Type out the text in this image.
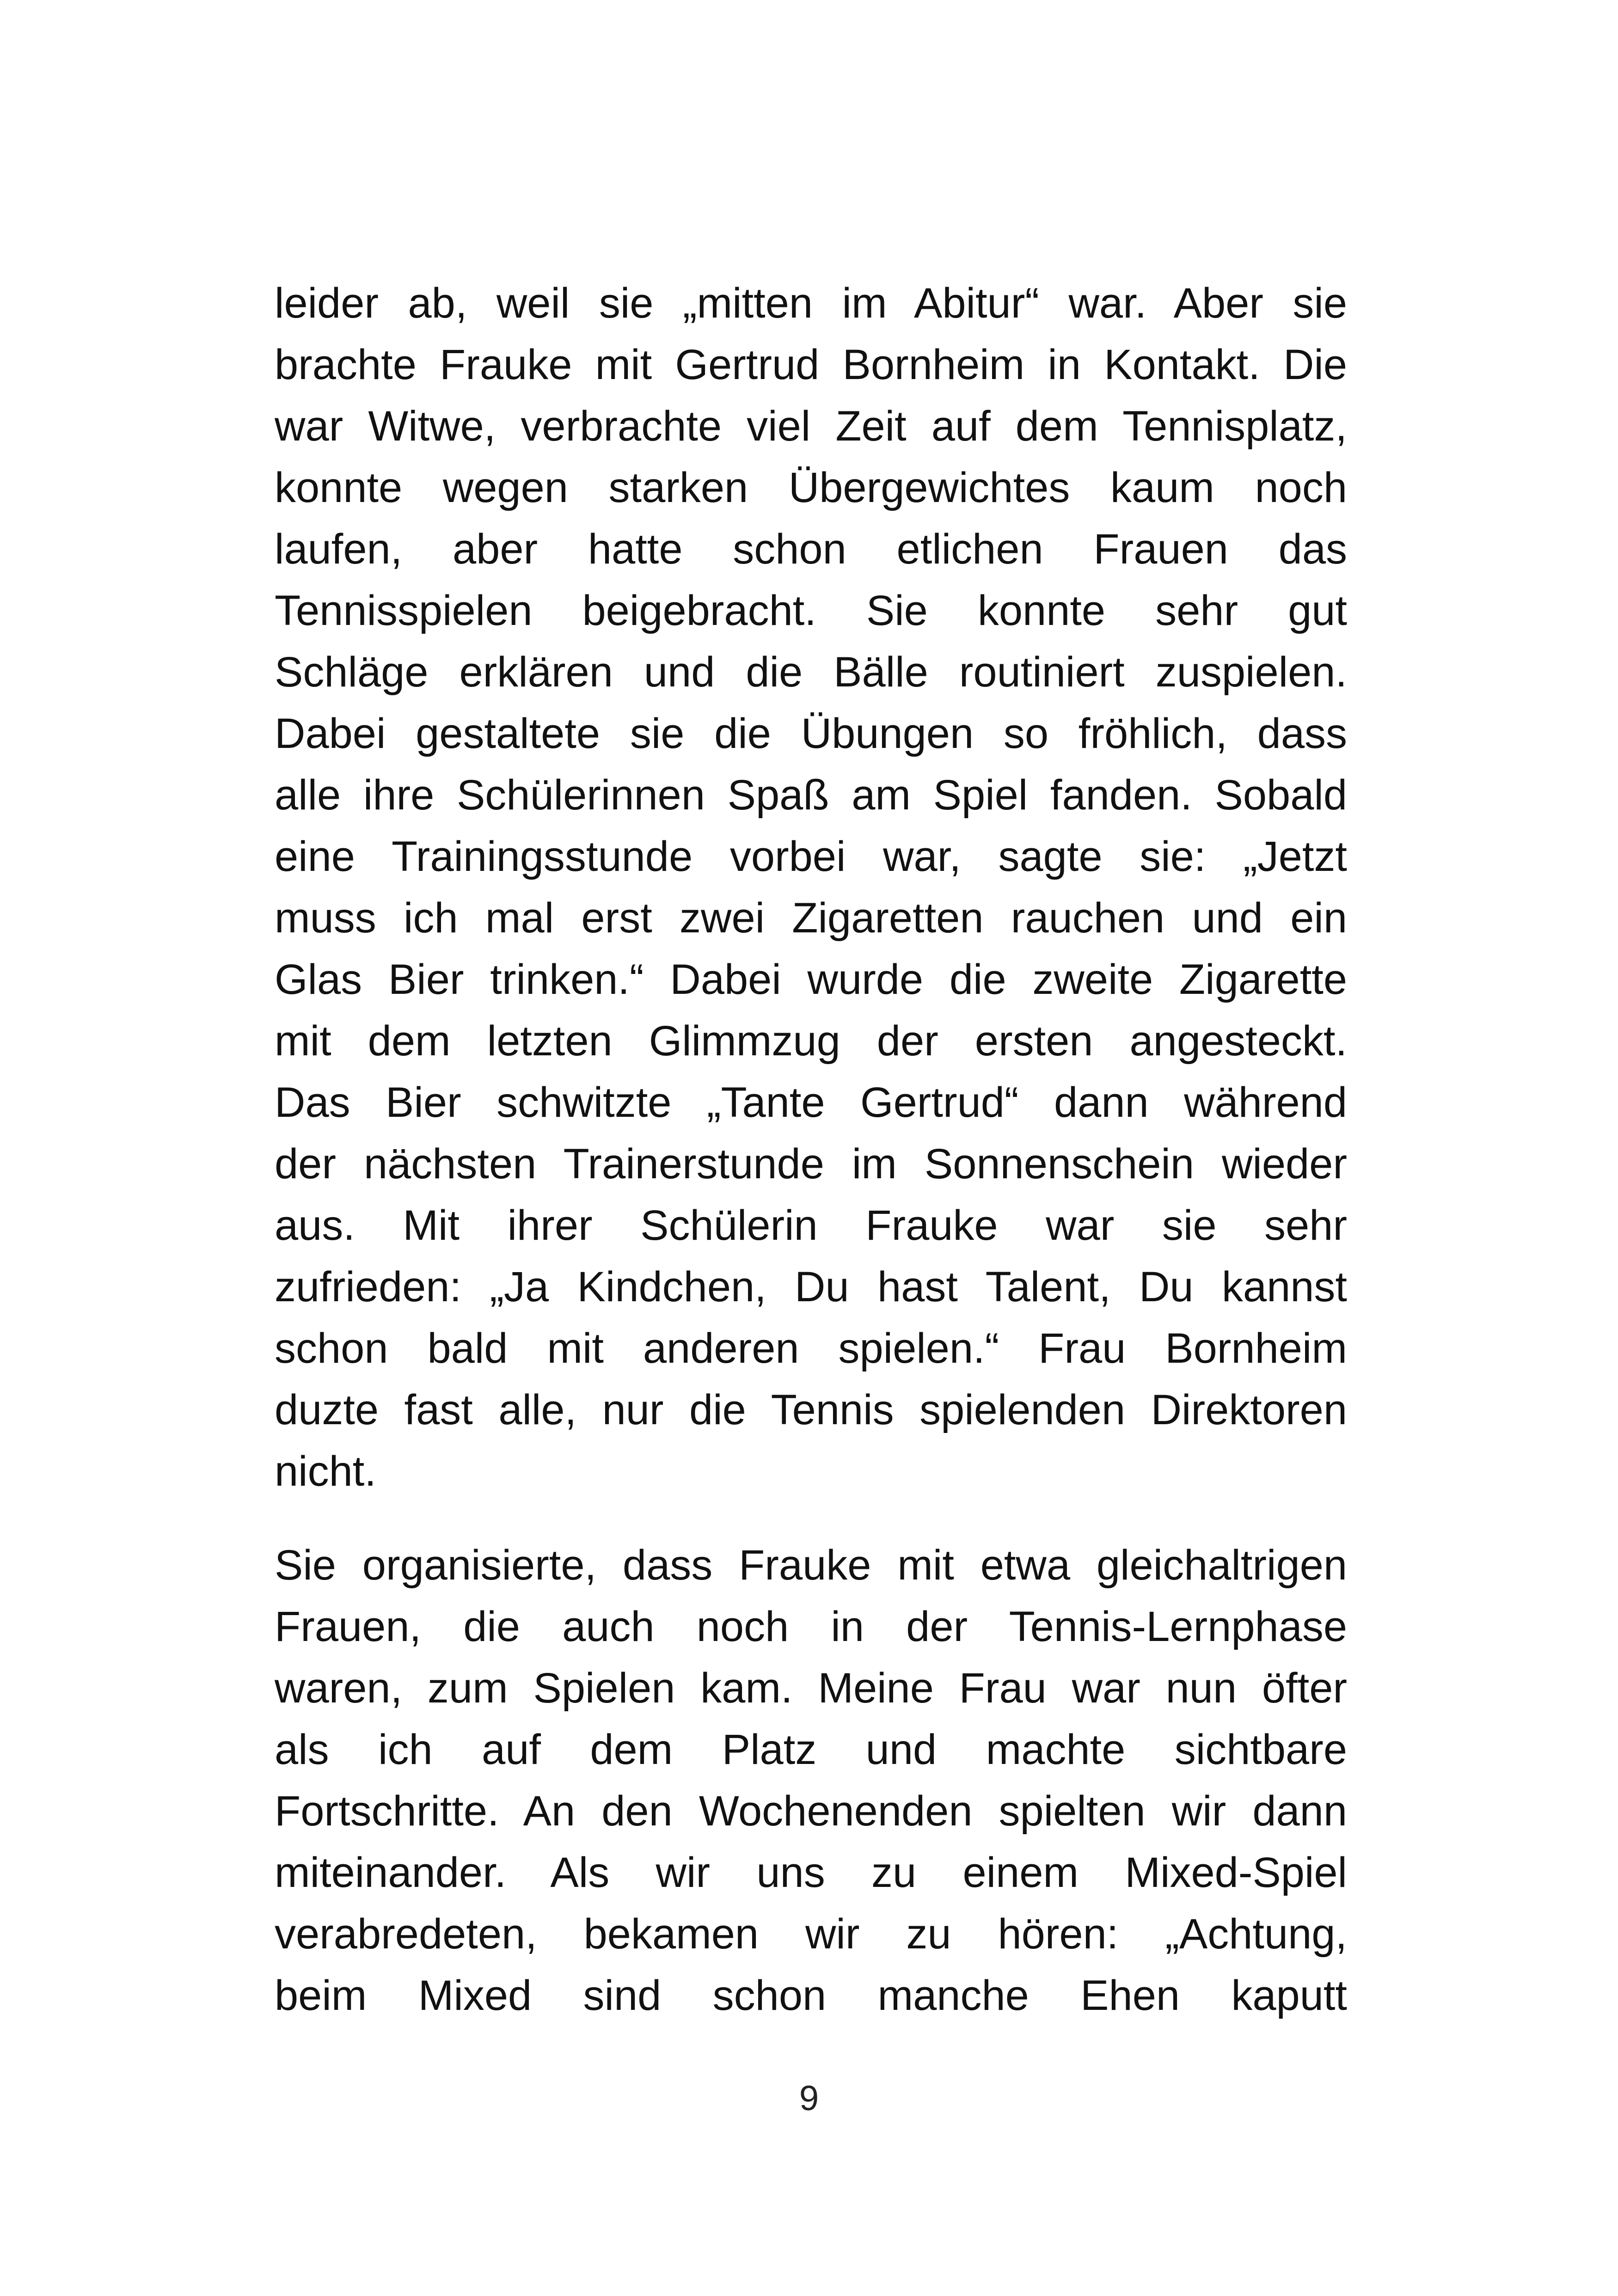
leider ab, weil sie „mitten im Abitur“ war. Aber sie
brachte Frauke mit Gertrud Bornheim in Kontakt. Die
war Witwe, verbrachte viel Zeit auf dem Tennisplatz,
konnte wegen starken Übergewichtes kaum noch
laufen, aber hatte schon etlichen Frauen das
Tennisspielen beigebracht. Sie konnte sehr gut
Schläge erklären und die Bälle routiniert zuspielen.
Dabei gestaltete sie die Übungen so fröhlich, dass
alle ihre Schülerinnen Spaß am Spiel fanden. Sobald
eine Trainingsstunde vorbei war, sagte sie: „Jetzt
muss ich mal erst zwei Zigaretten rauchen und ein
Glas Bier trinken.“ Dabei wurde die zweite Zigarette
mit dem letzten Glimmzug der ersten angesteckt.
Das Bier schwitzte „Tante Gertrud“ dann während
der nächsten Trainerstunde im Sonnenschein wieder
aus. Mit ihrer Schülerin Frauke war sie sehr
zufrieden: „Ja Kindchen, Du hast Talent, Du kannst
schon bald mit anderen spielen.“ Frau Bornheim
duzte fast alle, nur die Tennis spielenden Direktoren
nicht.
Sie organisierte, dass Frauke mit etwa gleichaltrigen
Frauen, die auch noch in der Tennis-Lernphase
waren, zum Spielen kam. Meine Frau war nun öfter
als ich auf dem Platz und machte sichtbare
Fortschritte. An den Wochenenden spielten wir dann
miteinander. Als wir uns zu einem Mixed-Spiel
verabredeten, bekamen wir zu hören: „Achtung,
beim Mixed sind schon manche Ehen kaputt
9
